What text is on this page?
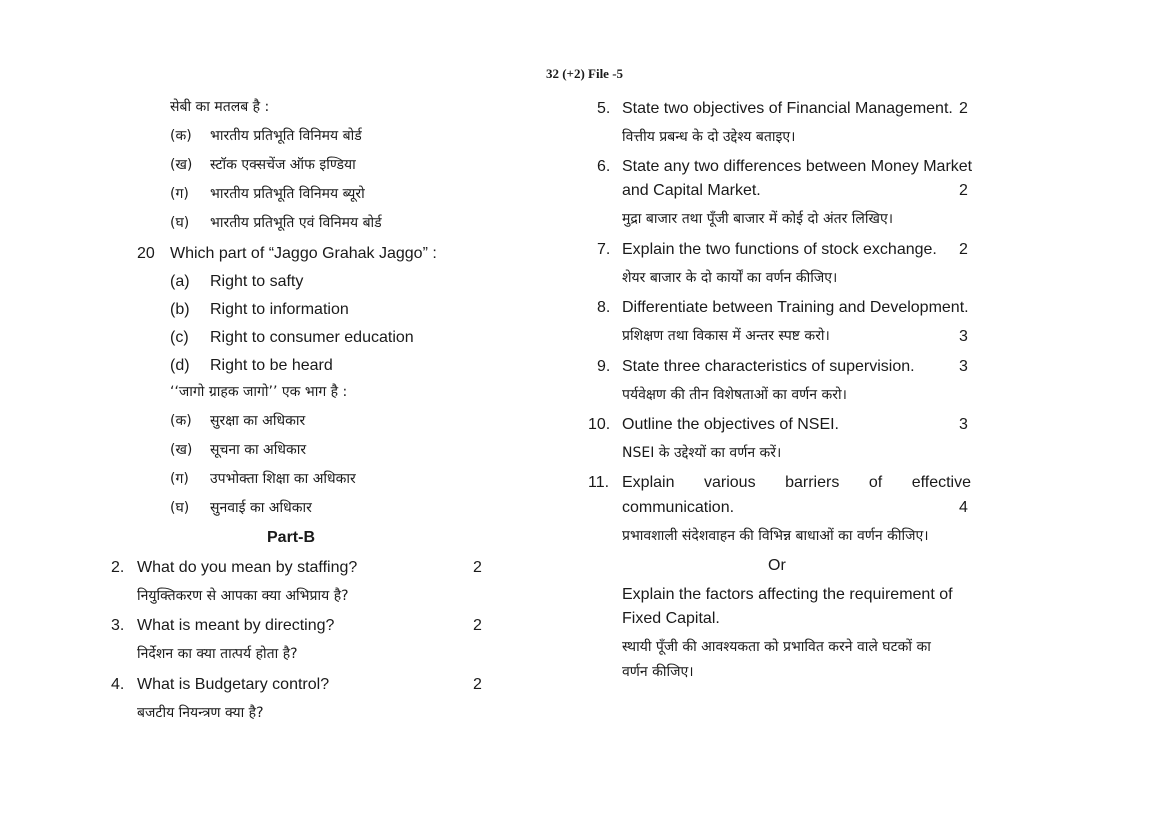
32 (+2) File -5
सेबी का मतलब है :
(क) भारतीय प्रतिभूति विनिमय बोर्ड
(ख) स्टॉक एक्सचेंज ऑफ इण्डिया
(ग) भारतीय प्रतिभूति विनिमय ब्यूरो
(घ) भारतीय प्रतिभूति एवं विनिमय बोर्ड
20 Which part of “Jaggo Grahak Jaggo” :
(a) Right to safty
(b) Right to information
(c) Right to consumer education
(d) Right to be heard
‘‘जागो ग्राहक जागो’’ एक भाग है :
(क) सुरक्षा का अधिकार
(ख) सूचना का अधिकार
(ग) उपभोक्ता शिक्षा का अधिकार
(घ) सुनवाई का अधिकार
Part-B
2. What do you mean by staffing?	2
नियुक्तिकरण से आपका क्या अभिप्राय है?
3. What is meant by directing?	2
निर्देशन का क्या तात्पर्य होता है?
4. What is Budgetary control?	2
बजटीय नियन्त्रण क्या है?
5. State two objectives of Financial Management. 2
वित्तीय प्रबन्ध के दो उद्देश्य बताइए।
6. State any two differences between Money Market
and Capital Market.	2
मुद्रा बाजार तथा पूँजी बाजार में कोई दो अंतर लिखिए।
7. Explain the two functions of stock exchange. 2
शेयर बाजार के दो कार्यों का वर्णन कीजिए।
8. Differentiate between Training and Development.
प्रशिक्षण तथा विकास में अन्तर स्पष्ट करो।	3
9. State three characteristics of supervision.	3
पर्यवेक्षण की तीन विशेषताओं का वर्णन करो।
10. Outline the objectives of NSEI.	3
NSEI के उद्देश्यों का वर्णन करें।
11. Explain various barriers of effective
communication.	4
प्रभावशाली संदेशवाहन की विभिन्न बाधाओं का वर्णन कीजिए।
Or
Explain the factors affecting the requirement of
Fixed Capital.
स्थायी पूँजी की आवश्यकता को प्रभावित करने वाले घटकों का
वर्णन कीजिए।
